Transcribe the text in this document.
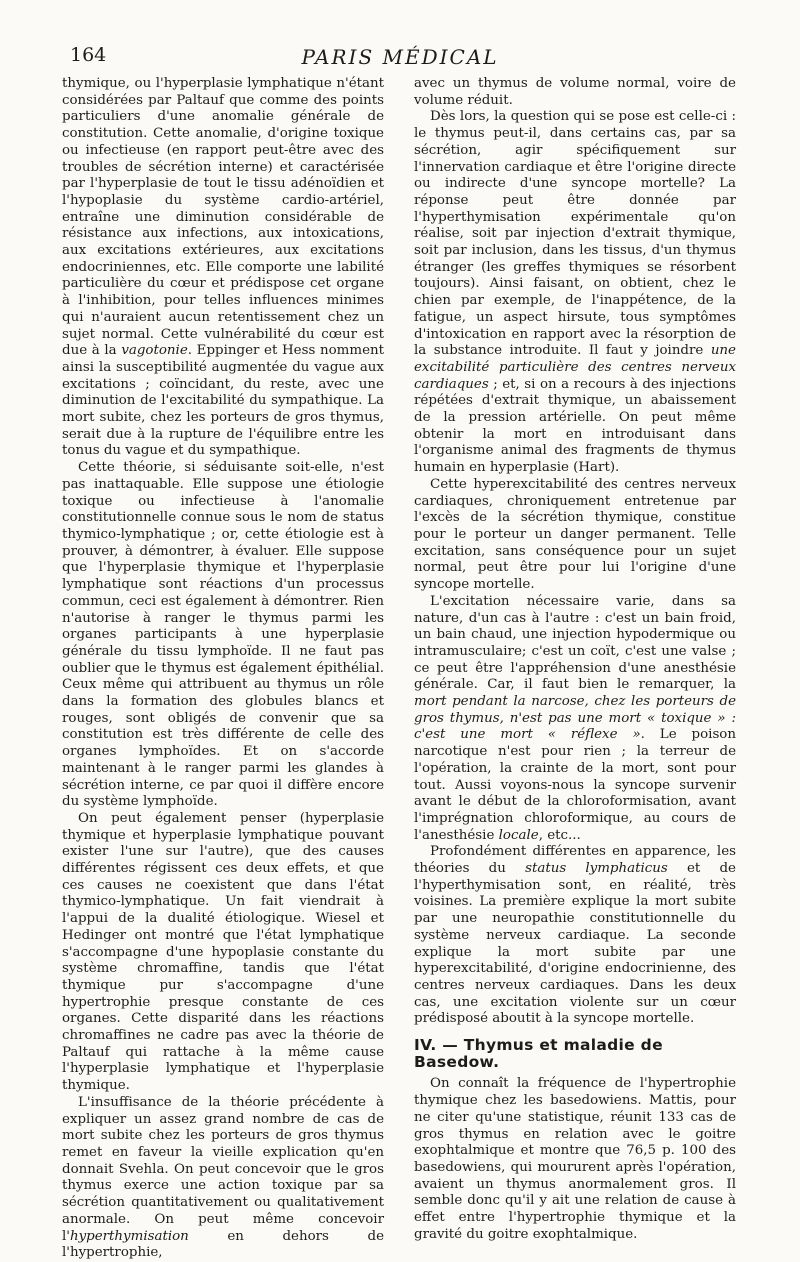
164	PARIS MÉDICAL

thymique, ou l'hyperplasie lymphatique n'étant considérées par Paltauf que comme des points particuliers d'une anomalie générale de constitution. Cette anomalie, d'origine toxique ou infectieuse (en rapport peut-être avec des troubles de sécrétion interne) et caractérisée par l'hyperplasie de tout le tissu adénoïdien et l'hypoplasie du système cardio-artériel, entraîne une diminution considérable de résistance aux infections, aux intoxications, aux excitations extérieures, aux excitations endocriniennes, etc. Elle comporte une labilité particulière du cœur et prédispose cet organe à l'inhibition, pour telles influences minimes qui n'auraient aucun retentissement chez un sujet normal. Cette vulnérabilité du cœur est due à la vagotonie. Eppinger et Hess nomment ainsi la susceptibilité augmentée du vague aux excitations ; coïncidant, du reste, avec une diminution de l'excitabilité du sympathique. La mort subite, chez les porteurs de gros thymus, serait due à la rupture de l'équilibre entre les tonus du vague et du sympathique.

Cette théorie, si séduisante soit-elle, n'est pas inattaquable. Elle suppose une étiologie toxique ou infectieuse à l'anomalie constitutionnelle connue sous le nom de status thymico-lymphatique ; or, cette étiologie est à prouver, à démontrer, à évaluer. Elle suppose que l'hyperplasie thymique et l'hyperplasie lymphatique sont réactions d'un processus commun, ceci est également à démontrer. Rien n'autorise à ranger le thymus parmi les organes participants à une hyperplasie générale du tissu lymphoïde. Il ne faut pas oublier que le thymus est également épithélial. Ceux même qui attribuent au thymus un rôle dans la formation des globules blancs et rouges, sont obligés de convenir que sa constitution est très différente de celle des organes lymphoïdes. Et on s'accorde maintenant à le ranger parmi les glandes à sécrétion interne, ce par quoi il diffère encore du système lymphoïde.

On peut également penser (hyperplasie thymique et hyperplasie lymphatique pouvant exister l'une sur l'autre), que des causes différentes régissent ces deux effets, et que ces causes ne coexistent que dans l'état thymico-lymphatique. Un fait viendrait à l'appui de la dualité étiologique. Wiesel et Hedinger ont montré que l'état lymphatique s'accompagne d'une hypoplasie constante du système chromaffine, tandis que l'état thymique pur s'accompagne d'une hypertrophie presque constante de ces organes. Cette disparité dans les réactions chromaffines ne cadre pas avec la théorie de Paltauf qui rattache à la même cause l'hyperplasie lymphatique et l'hyperplasie thymique.

L'insuffisance de la théorie précédente à expliquer un assez grand nombre de cas de mort subite chez les porteurs de gros thymus remet en faveur la vieille explication qu'en donnait Svehla. On peut concevoir que le gros thymus exerce une action toxique par sa sécrétion quantitativement ou qualitativement anormale. On peut même concevoir l'hyperthymisation en dehors de l'hypertrophie,

avec un thymus de volume normal, voire de volume réduit.

Dès lors, la question qui se pose est celle-ci : le thymus peut-il, dans certains cas, par sa sécrétion, agir spécifiquement sur l'innervation cardiaque et être l'origine directe ou indirecte d'une syncope mortelle? La réponse peut être donnée par l'hyperthymisation expérimentale qu'on réalise, soit par injection d'extrait thymique, soit par inclusion, dans les tissus, d'un thymus étranger (les greffes thymiques se résorbent toujours). Ainsi faisant, on obtient, chez le chien par exemple, de l'inappétence, de la fatigue, un aspect hirsute, tous symptômes d'intoxication en rapport avec la résorption de la substance introduite. Il faut y joindre une excitabilité particulière des centres nerveux cardiaques ; et, si on a recours à des injections répétées d'extrait thymique, un abaissement de la pression artérielle. On peut même obtenir la mort en introduisant dans l'organisme animal des fragments de thymus humain en hyperplasie (Hart).

Cette hyperexcitabilité des centres nerveux cardiaques, chroniquement entretenue par l'excès de la sécrétion thymique, constitue pour le porteur un danger permanent. Telle excitation, sans conséquence pour un sujet normal, peut être pour lui l'origine d'une syncope mortelle.

L'excitation nécessaire varie, dans sa nature, d'un cas à l'autre : c'est un bain froid, un bain chaud, une injection hypodermique ou intramusculaire; c'est un coït, c'est une valse ; ce peut être l'appréhension d'une anesthésie générale. Car, il faut bien le remarquer, la mort pendant la narcose, chez les porteurs de gros thymus, n'est pas une mort « toxique » : c'est une mort « réflexe ». Le poison narcotique n'est pour rien ; la terreur de l'opération, la crainte de la mort, sont pour tout. Aussi voyons-nous la syncope survenir avant le début de la chloroformisation, avant l'imprégnation chloroformique, au cours de l'anesthésie locale, etc...

Profondément différentes en apparence, les théories du status lymphaticus et de l'hyperthymisation sont, en réalité, très voisines. La première explique la mort subite par une neuropathie constitutionnelle du système nerveux cardiaque. La seconde explique la mort subite par une hyperexcitabilité, d'origine endocrinienne, des centres nerveux cardiaques. Dans les deux cas, une excitation violente sur un cœur prédisposé aboutit à la syncope mortelle.

IV. — Thymus et maladie de Basedow.

On connaît la fréquence de l'hypertrophie thymique chez les basedowiens. Mattis, pour ne citer qu'une statistique, réunit 133 cas de gros thymus en relation avec le goitre exophtalmique et montre que 76,5 p. 100 des basedowiens, qui moururent après l'opération, avaient un thymus anormalement gros. Il semble donc qu'il y ait une relation de cause à effet entre l'hypertrophie thymique et la gravité du goitre exophtalmique.
